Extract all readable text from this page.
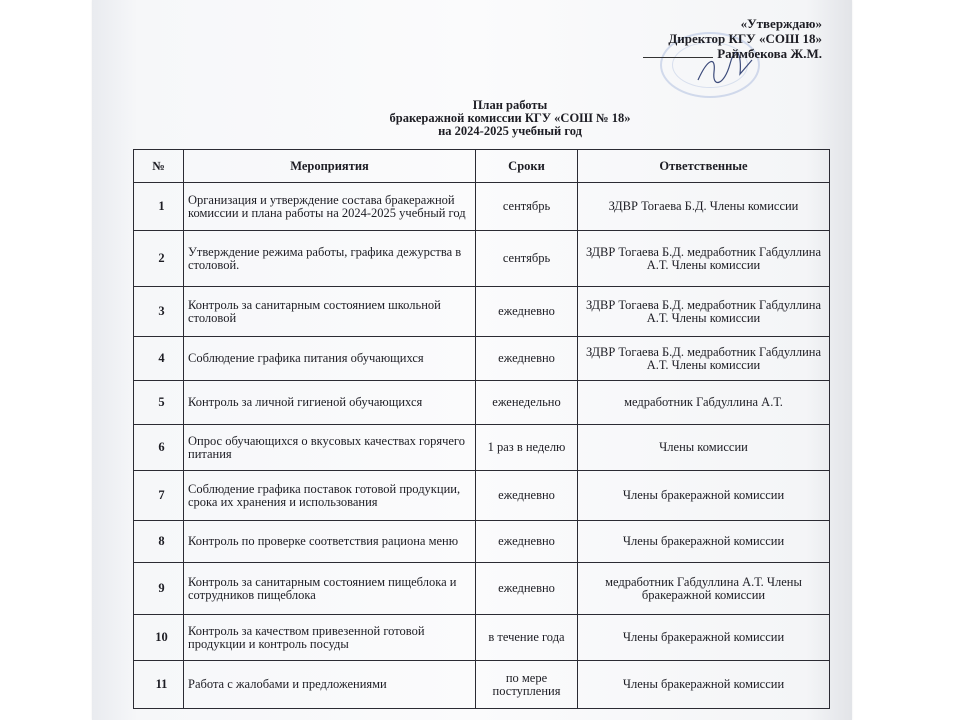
«Утверждаю»
Директор КГУ «СОШ 18»
Раймбекова Ж.М.
План работы
бракеражной комиссии КГУ «СОШ № 18»
на 2024-2025 учебный год
№	Мероприятия	Сроки	Ответственные
1	Организация и утверждение состава бракеражной комиссии и плана работы на 2024-2025 учебный год	сентябрь	ЗДВР Тогаева Б.Д. Члены комиссии
2	Утверждение режима работы, графика дежурства в столовой.	сентябрь	ЗДВР Тогаева Б.Д. медработник Габдуллина А.Т. Члены комиссии
3	Контроль за санитарным состоянием школьной столовой	ежедневно	ЗДВР Тогаева Б.Д. медработник Габдуллина А.Т. Члены комиссии
4	Соблюдение графика питания обучающихся	ежедневно	ЗДВР Тогаева Б.Д. медработник Габдуллина А.Т. Члены комиссии
5	Контроль за личной гигиеной обучающихся	еженедельно	медработник Габдуллина А.Т.
6	Опрос обучающихся о вкусовых качествах горячего питания	1 раз в неделю	Члены комиссии
7	Соблюдение графика поставок готовой продукции, срока их хранения и использования	ежедневно	Члены бракеражной комиссии
8	Контроль по проверке соответствия рациона меню	ежедневно	Члены бракеражной комиссии
9	Контроль за санитарным состоянием пищеблока и сотрудников пищеблока	ежедневно	медработник Габдуллина А.Т. Члены бракеражной комиссии
10	Контроль за качеством привезенной готовой продукции и контроль посуды	в течение года	Члены бракеражной комиссии
11	Работа с жалобами и предложениями	по мере поступления	Члены бракеражной комиссии
